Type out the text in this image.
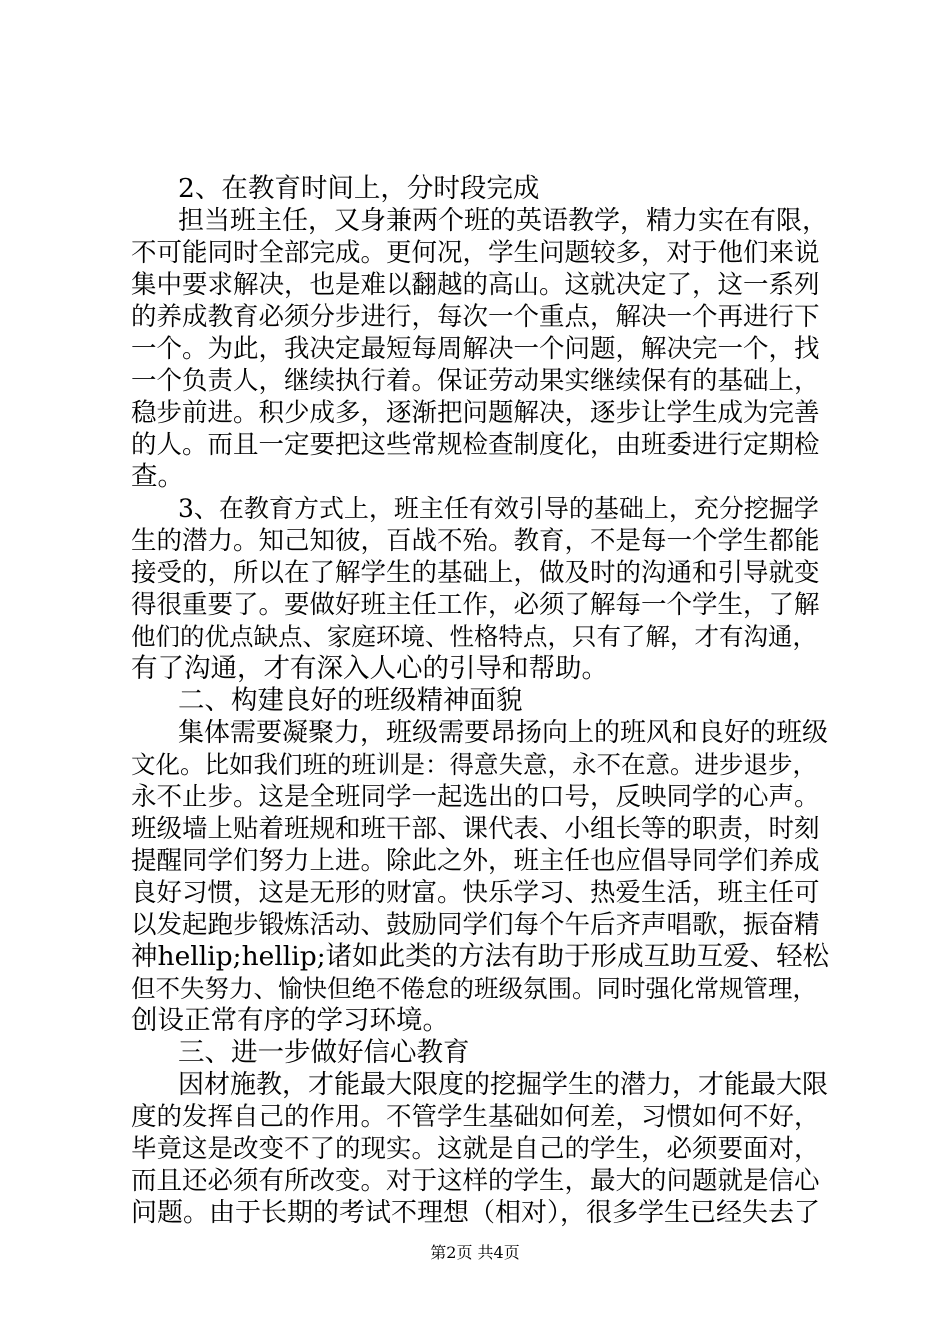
2、在教育时间上，分时段完成
担当班主任，又身兼两个班的英语教学，精力实在有限，
不可能同时全部完成。更何况，学生问题较多，对于他们来说
集中要求解决，也是难以翻越的高山。这就决定了，这一系列
的养成教育必须分步进行，每次一个重点，解决一个再进行下
一个。为此，我决定最短每周解决一个问题，解决完一个，找
一个负责人，继续执行着。保证劳动果实继续保有的基础上，
稳步前进。积少成多，逐渐把问题解决，逐步让学生成为完善
的人。而且一定要把这些常规检查制度化，由班委进行定期检
查。
3、在教育方式上，班主任有效引导的基础上，充分挖掘学
生的潜力。知己知彼，百战不殆。教育，不是每一个学生都能
接受的，所以在了解学生的基础上，做及时的沟通和引导就变
得很重要了。要做好班主任工作，必须了解每一个学生，了解
他们的优点缺点、家庭环境、性格特点，只有了解，才有沟通，
有了沟通，才有深入人心的引导和帮助。
二、构建良好的班级精神面貌
集体需要凝聚力，班级需要昂扬向上的班风和良好的班级
文化。比如我们班的班训是：得意失意，永不在意。进步退步，
永不止步。这是全班同学一起选出的口号，反映同学的心声。
班级墙上贴着班规和班干部、课代表、小组长等的职责，时刻
提醒同学们努力上进。除此之外，班主任也应倡导同学们养成
良好习惯，这是无形的财富。快乐学习、热爱生活，班主任可
以发起跑步锻炼活动、鼓励同学们每个午后齐声唱歌，振奋精
神hellip;hellip;诸如此类的方法有助于形成互助互爱、轻松
但不失努力、愉快但绝不倦怠的班级氛围。同时强化常规管理，
创设正常有序的学习环境。
三、进一步做好信心教育
因材施教，才能最大限度的挖掘学生的潜力，才能最大限
度的发挥自己的作用。不管学生基础如何差，习惯如何不好，
毕竟这是改变不了的现实。这就是自己的学生，必须要面对，
而且还必须有所改变。对于这样的学生，最大的问题就是信心
问题。由于长期的考试不理想（相对），很多学生已经失去了
第2页 共4页
